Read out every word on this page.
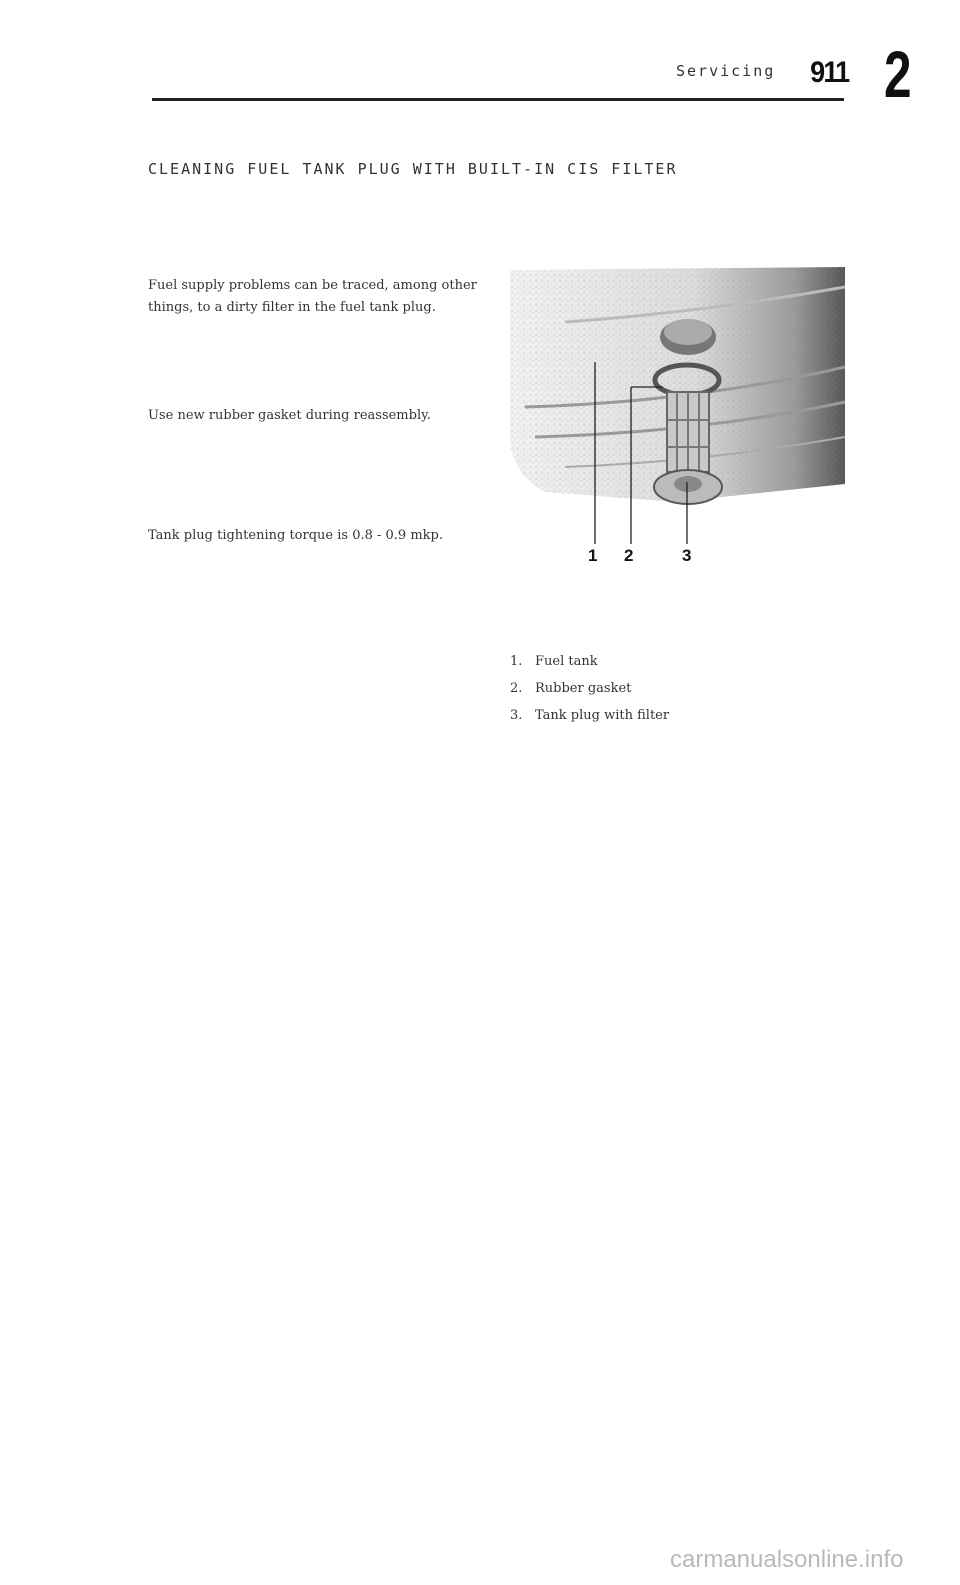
Servicing 911 2
CLEANING FUEL TANK PLUG WITH BUILT-IN CIS FILTER
Fuel supply problems can be traced, among other things, to a dirty filter in the fuel tank plug.
Use new rubber gasket during reassembly.
Tank plug tightening torque is 0.8 - 0.9 mkp.
1 2	3
1. Fuel tank
2. Rubber gasket
3. Tank plug with filter
carmanualsonline.info
